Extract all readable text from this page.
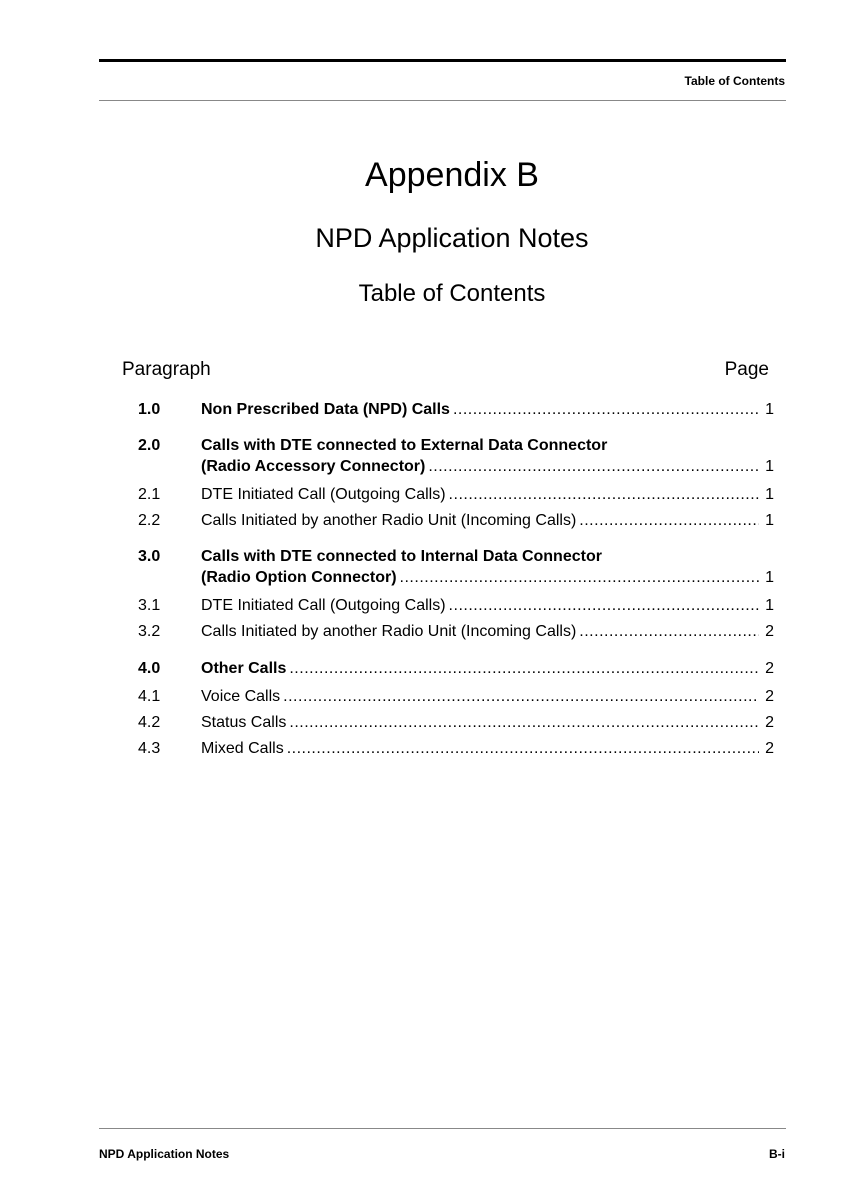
Table of Contents
Appendix B
NPD Application Notes
Table of Contents
Paragraph	Page
1.0	Non Prescribed Data (NPD) Calls .....	1
2.0	Calls with DTE connected to External Data Connector
(Radio Accessory Connector) .....	1
2.1	DTE Initiated Call (Outgoing Calls) .....	1
2.2	Calls Initiated by another Radio Unit (Incoming Calls) .....	1
3.0	Calls with DTE connected to Internal Data Connector
(Radio Option Connector) .....	1
3.1	DTE Initiated Call (Outgoing Calls) .....	1
3.2	Calls Initiated by another Radio Unit (Incoming Calls) .....	2
4.0	Other Calls .....	2
4.1	Voice Calls .....	2
4.2	Status Calls .....	2
4.3	Mixed Calls .....	2
NPD Application Notes	B-i
